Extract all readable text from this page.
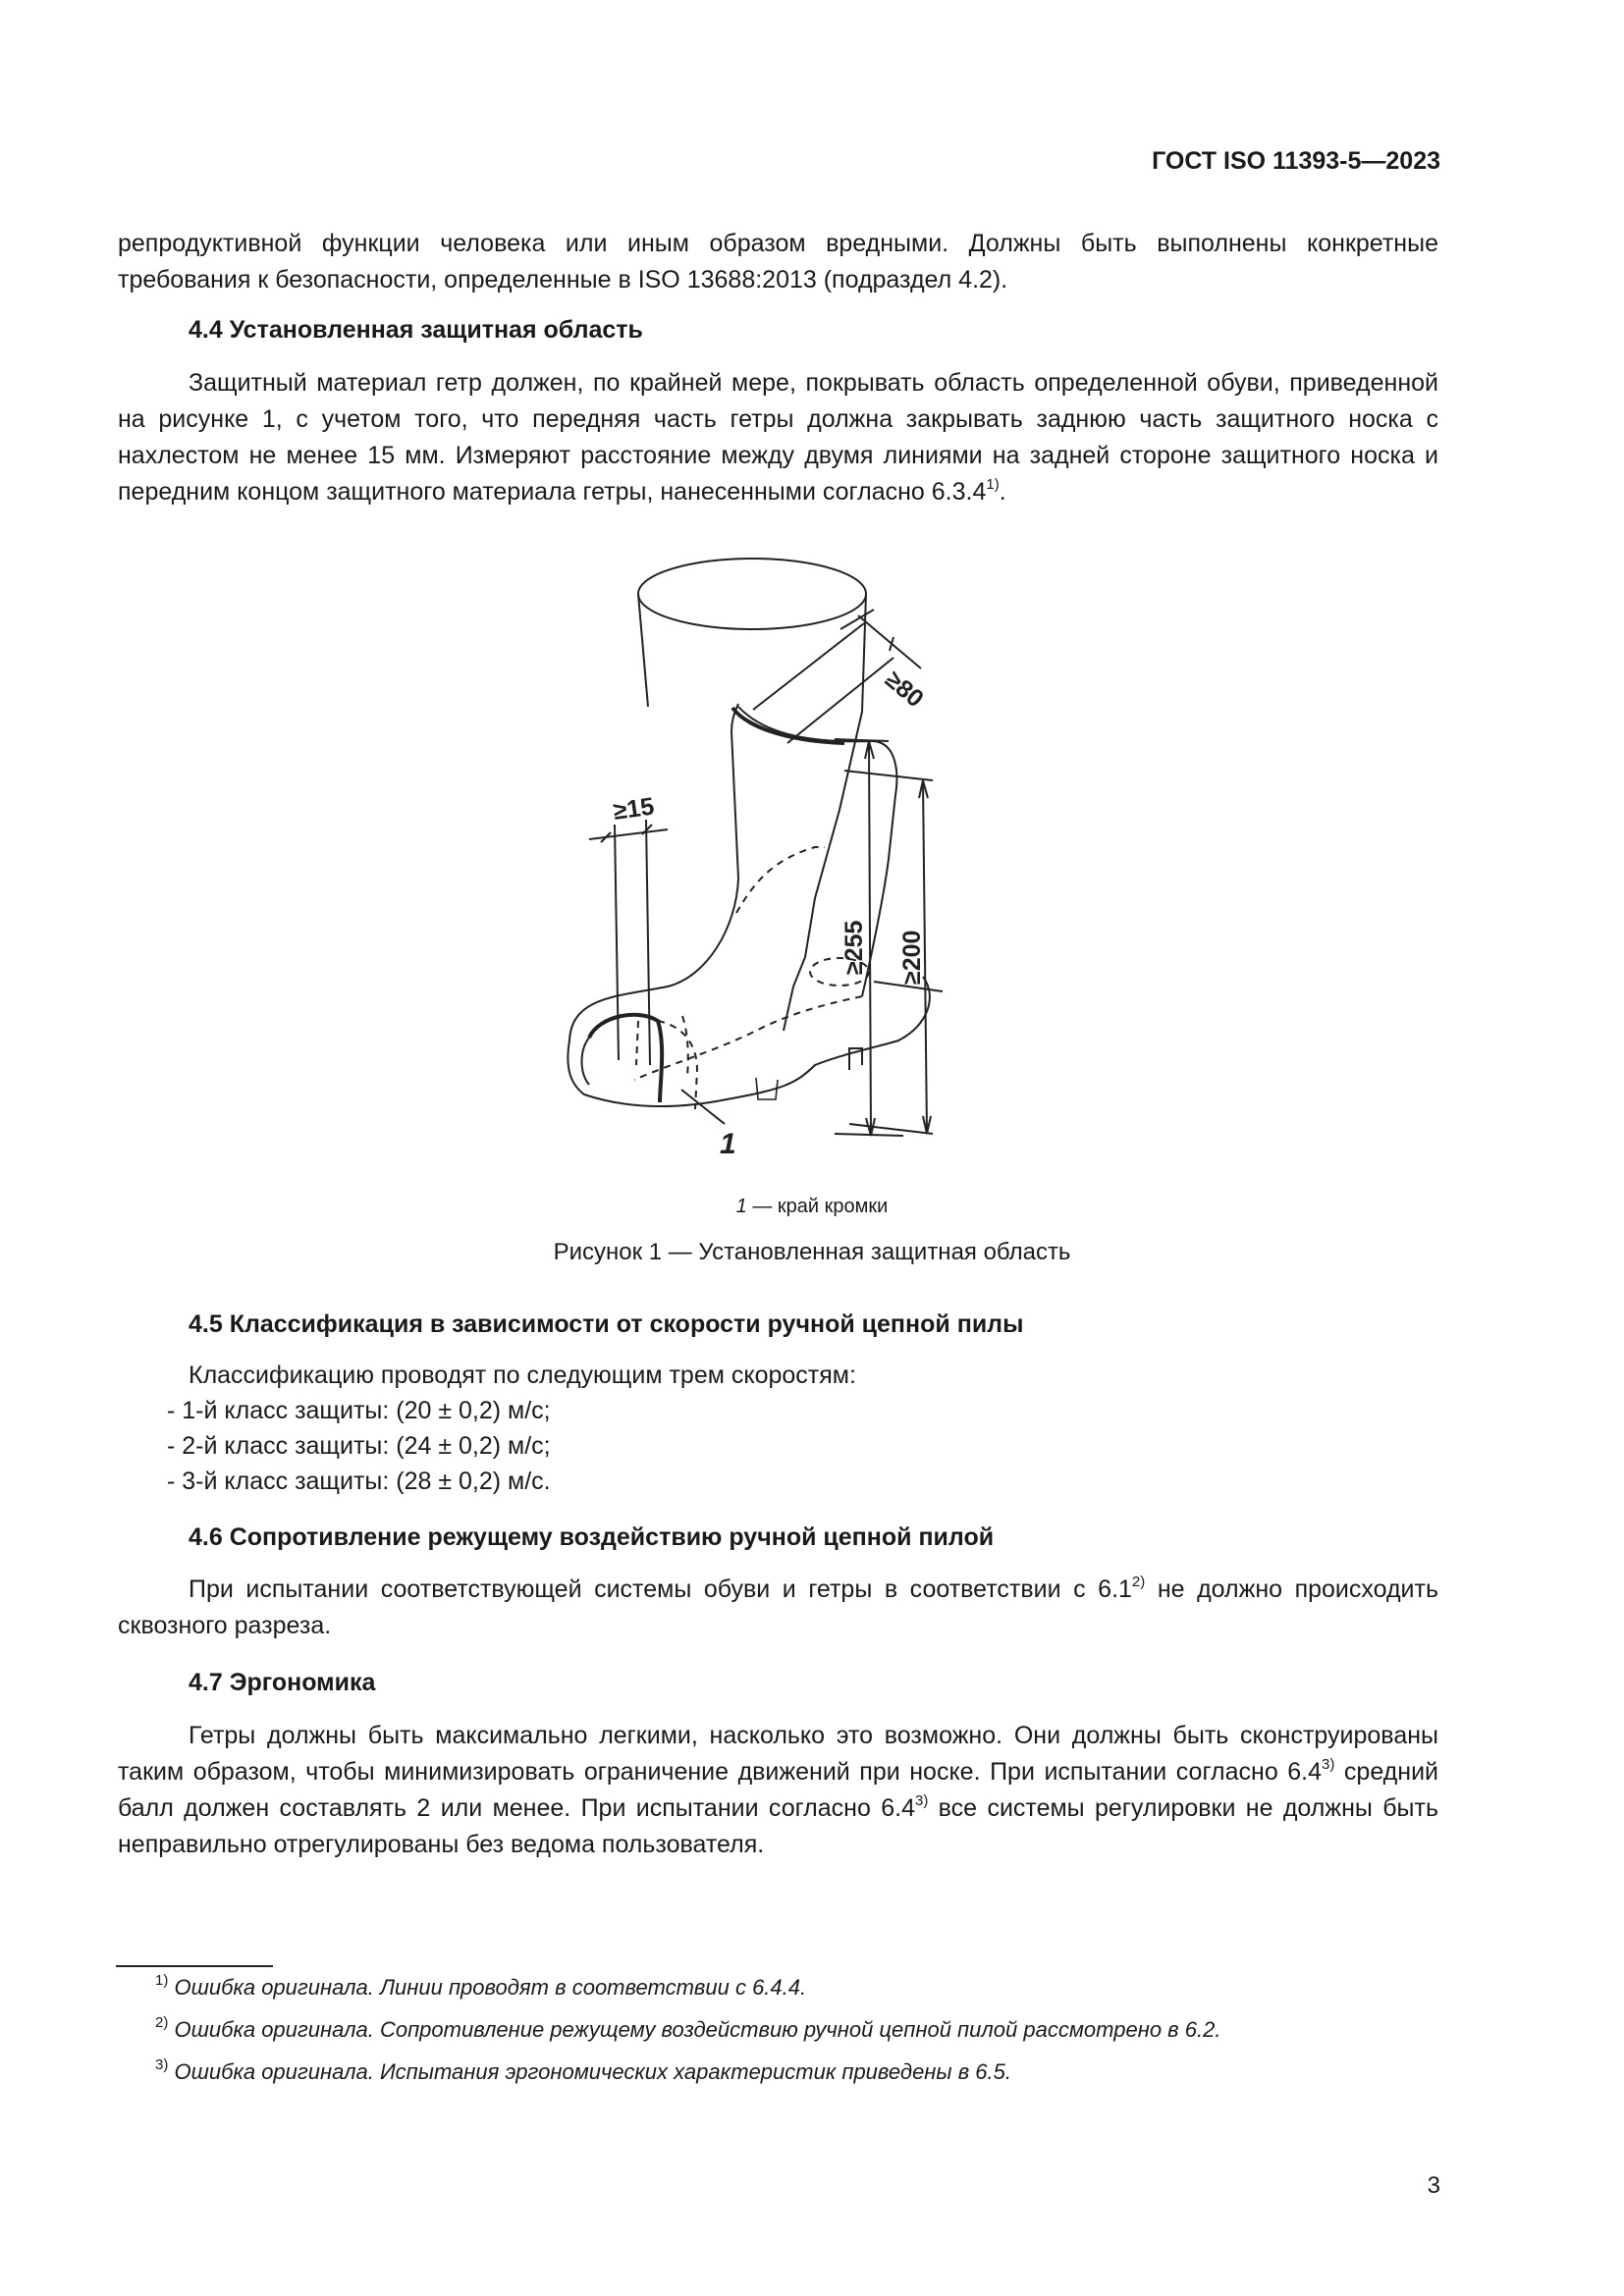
ГОСТ ISO 11393-5—2023
репродуктивной функции человека или иным образом вредными. Должны быть выполнены конкретные требования к безопасности, определенные в ISO 13688:2013 (подраздел 4.2).
4.4 Установленная защитная область
Защитный материал гетр должен, по крайней мере, покрывать область определенной обуви, приведенной на рисунке 1, с учетом того, что передняя часть гетры должна закрывать заднюю часть защитного носка с нахлестом не менее 15 мм. Измеряют расстояние между двумя линиями на задней стороне защитного носка и передним концом защитного материала гетры, нанесенными согласно $6.3.4^{1)}$.
≥80
≥15
≥255 ≥200
1
1 — край кромки
Рисунок 1 — Установленная защитная область
4.5 Классификация в зависимости от скорости ручной цепной пилы
Классификацию проводят по следующим трем скоростям:
- 1-й класс защиты: (20 ± 0,2) м/с;
- 2-й класс защиты: (24 ± 0,2) м/с;
- 3-й класс защиты: (28 ± 0,2) м/с.
4.6 Сопротивление режущему воздействию ручной цепной пилой
При испытании соответствующей системы обуви и гетры в соответствии с 6.1$^{2)}$ не должно происходить сквозного разреза.
4.7 Эргономика
Гетры должны быть максимально легкими, насколько это возможно. Они должны быть сконструированы таким образом, чтобы минимизировать ограничение движений при носке. При испытании согласно 6.4$^{3)}$ средний балл должен составлять 2 или менее. При испытании согласно 6.4$^{3)}$ все системы регулировки не должны быть неправильно отрегулированы без ведома пользователя.
$^{1)}$ Ошибка оригинала. Линии проводят в соответствии с 6.4.4.
$^{2)}$ Ошибка оригинала. Сопротивление режущему воздействию ручной цепной пилой рассмотрено в 6.2.
$^{3)}$ Ошибка оригинала. Испытания эргономических характеристик приведены в 6.5.
3
